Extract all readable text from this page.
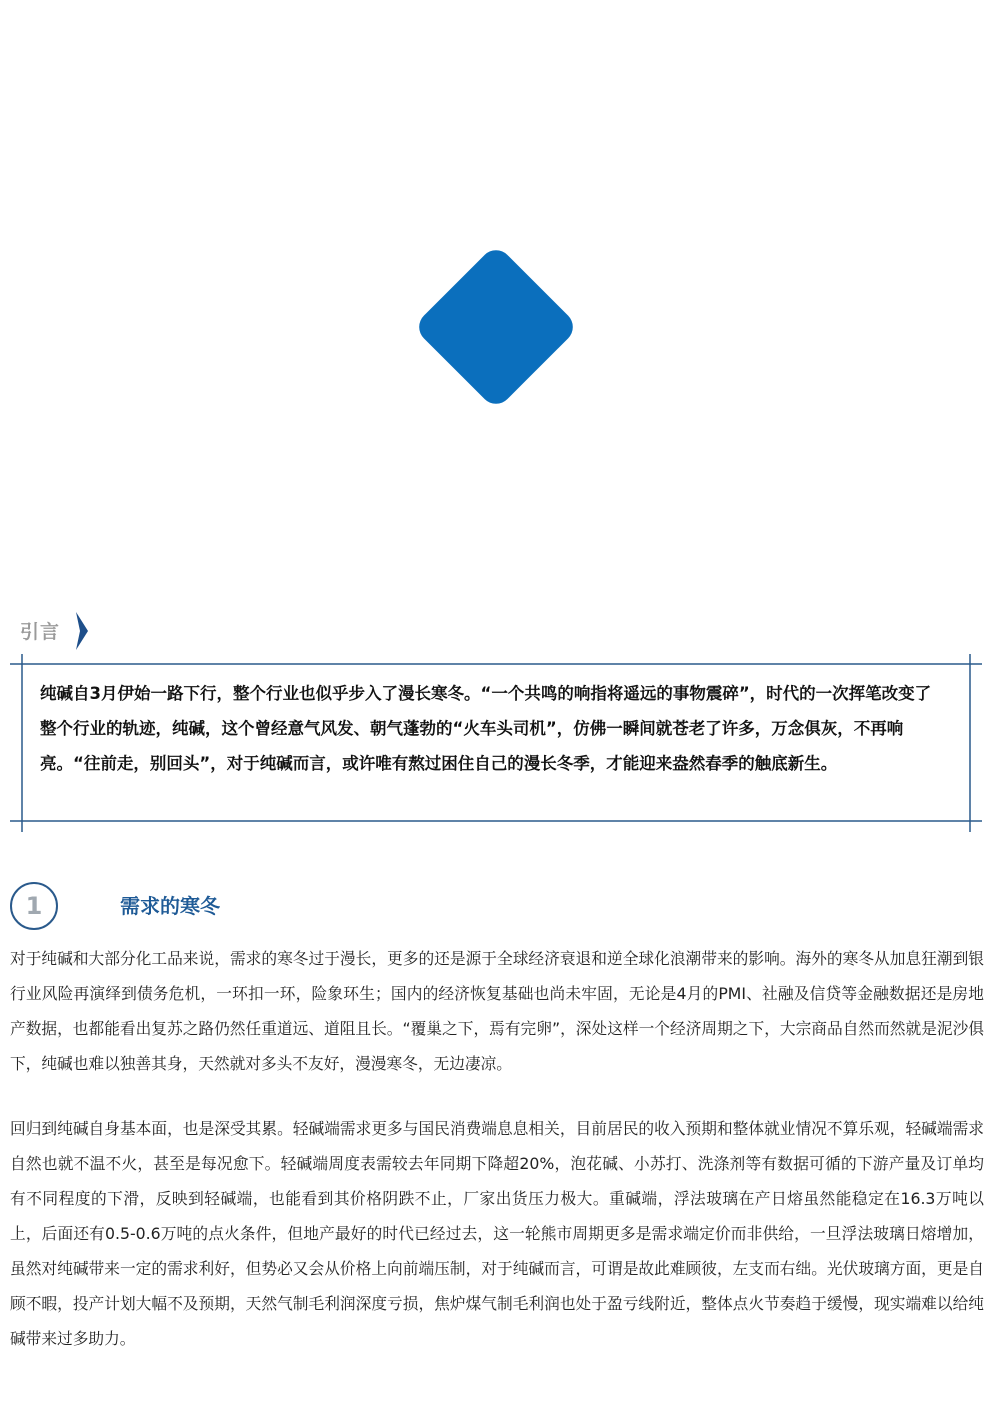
引言

纯碱自3月伊始一路下行，整个行业也似乎步入了漫长寒冬。“一个共鸣的响指将遥远的事物震碎”，时代的一次挥笔改变了整个行业的轨迹，纯碱，这个曾经意气风发、朝气蓬勃的“火车头司机”，仿佛一瞬间就苍老了许多，万念俱灰，不再响亮。“往前走，别回头”，对于纯碱而言，或许唯有熬过困住自己的漫长冬季，才能迎来盎然春季的触底新生。

1	需求的寒冬

对于纯碱和大部分化工品来说，需求的寒冬过于漫长，更多的还是源于全球经济衰退和逆全球化浪潮带来的影响。海外的寒冬从加息狂潮到银行业风险再演绎到债务危机，一环扣一环，险象环生；国内的经济恢复基础也尚未牢固，无论是4月的PMI、社融及信贷等金融数据还是房地产数据，也都能看出复苏之路仍然任重道远、道阻且长。“覆巢之下，焉有完卵”，深处这样一个经济周期之下，大宗商品自然而然就是泥沙俱下，纯碱也难以独善其身，天然就对多头不友好，漫漫寒冬，无边凄凉。

回归到纯碱自身基本面，也是深受其累。轻碱端需求更多与国民消费端息息相关，目前居民的收入预期和整体就业情况不算乐观，轻碱端需求自然也就不温不火，甚至是每况愈下。轻碱端周度表需较去年同期下降超20%，泡花碱、小苏打、洗涤剂等有数据可循的下游产量及订单均有不同程度的下滑，反映到轻碱端，也能看到其价格阴跌不止，厂家出货压力极大。重碱端，浮法玻璃在产日熔虽然能稳定在16.3万吨以上，后面还有0.5-0.6万吨的点火条件，但地产最好的时代已经过去，这一轮熊市周期更多是需求端定价而非供给，一旦浮法玻璃日熔增加，虽然对纯碱带来一定的需求利好，但势必又会从价格上向前端压制，对于纯碱而言，可谓是故此难顾彼，左支而右绌。光伏玻璃方面，更是自顾不暇，投产计划大幅不及预期，天然气制毛利润深度亏损，焦炉煤气制毛利润也处于盈亏线附近，整体点火节奏趋于缓慢，现实端难以给纯碱带来过多助力。
